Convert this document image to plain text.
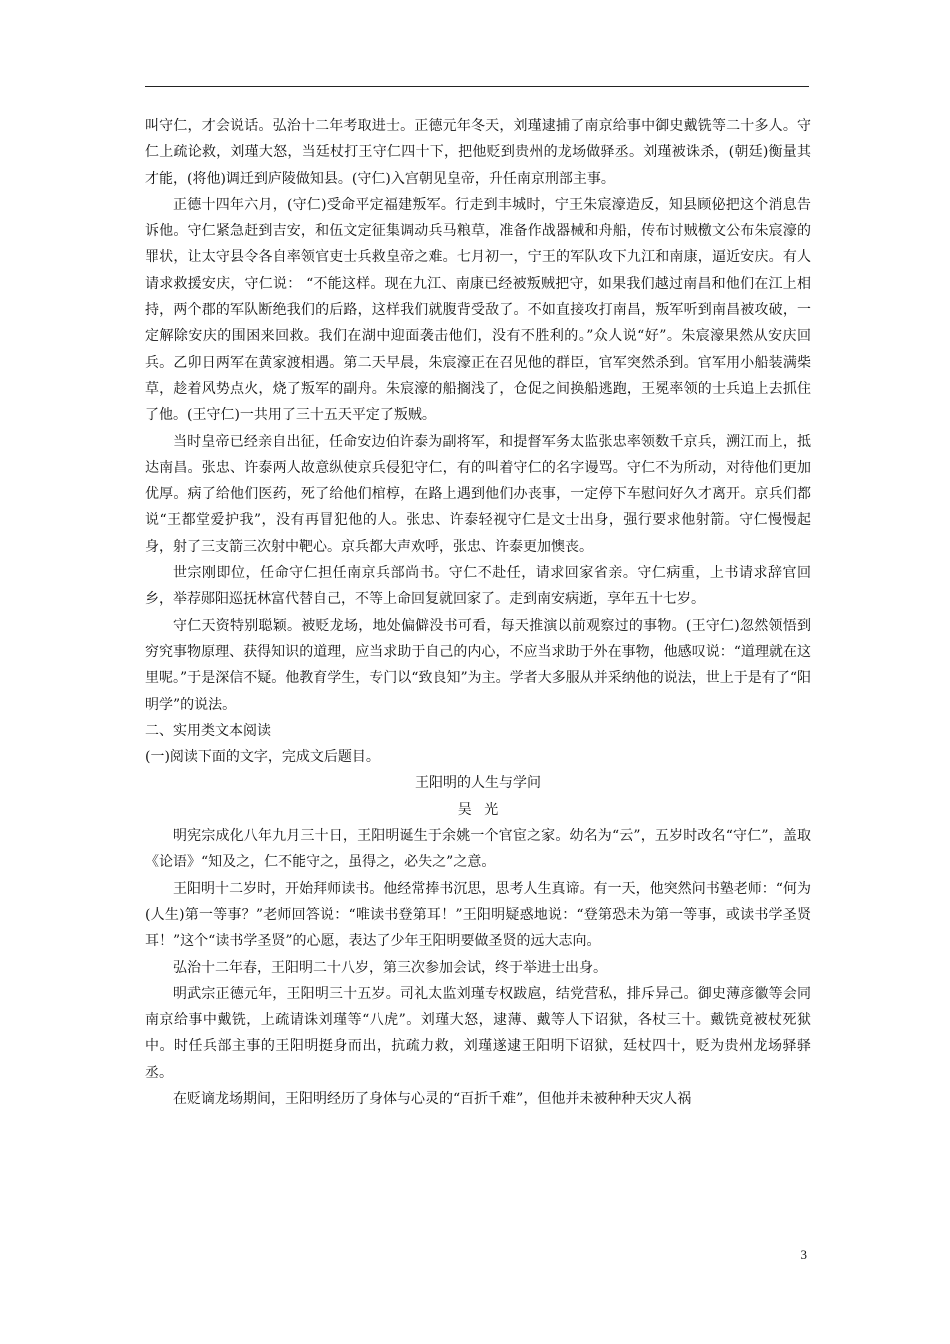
叫守仁，才会说话。弘治十二年考取进士。正德元年冬天，刘瑾逮捕了南京给事中御史戴铣等二十多人。守仁上疏论救，刘瑾大怒，当廷杖打王守仁四十下，把他贬到贵州的龙场做驿丞。刘瑾被诛杀，(朝廷)衡量其才能，(将他)调迁到庐陵做知县。(守仁)入宫朝见皇帝，升任南京刑部主事。

正德十四年六月，(守仁)受命平定福建叛军。行走到丰城时，宁王朱宸濠造反，知县顾佖把这个消息告诉他。守仁紧急赶到吉安，和伍文定征集调动兵马粮草，准备作战器械和舟船，传布讨贼檄文公布朱宸濠的罪状，让太守县令各自率领官吏士兵救皇帝之难。七月初一，宁王的军队攻下九江和南康，逼近安庆。有人请求救援安庆，守仁说： “不能这样。现在九江、南康已经被叛贼把守，如果我们越过南昌和他们在江上相持，两个郡的军队断绝我们的后路，这样我们就腹背受敌了。不如直接攻打南昌，叛军听到南昌被攻破，一定解除安庆的围困来回救。我们在湖中迎面袭击他们，没有不胜利的。”众人说“好”。朱宸濠果然从安庆回兵。乙卯日两军在黄家渡相遇。第二天早晨，朱宸濠正在召见他的群臣，官军突然杀到。官军用小船装满柴草，趁着风势点火，烧了叛军的副舟。朱宸濠的船搁浅了，仓促之间换船逃跑，王冕率领的士兵追上去抓住了他。(王守仁)一共用了三十五天平定了叛贼。

当时皇帝已经亲自出征，任命安边伯许泰为副将军，和提督军务太监张忠率领数千京兵，溯江而上，抵达南昌。张忠、许泰两人故意纵使京兵侵犯守仁，有的叫着守仁的名字谩骂。守仁不为所动，对待他们更加优厚。病了给他们医药，死了给他们棺椁，在路上遇到他们办丧事，一定停下车慰问好久才离开。京兵们都说“王都堂爱护我”，没有再冒犯他的人。张忠、许泰轻视守仁是文士出身，强行要求他射箭。守仁慢慢起身，射了三支箭三次射中靶心。京兵都大声欢呼，张忠、许泰更加懊丧。

世宗刚即位，任命守仁担任南京兵部尚书。守仁不赴任，请求回家省亲。守仁病重，上书请求辞官回乡，举荐郧阳巡抚林富代替自己，不等上命回复就回家了。走到南安病逝，享年五十七岁。

守仁天资特别聪颖。被贬龙场，地处偏僻没书可看，每天推演以前观察过的事物。(王守仁)忽然领悟到穷究事物原理、获得知识的道理，应当求助于自己的内心，不应当求助于外在事物，他感叹说：“道理就在这里呢。”于是深信不疑。他教育学生，专门以“致良知”为主。学者大多服从并采纳他的说法，世上于是有了“阳明学”的说法。

二、实用类文本阅读

(一)阅读下面的文字，完成文后题目。

王阳明的人生与学问

吴光

明宪宗成化八年九月三十日，王阳明诞生于余姚一个官宦之家。幼名为“云”，五岁时改名“守仁”，盖取《论语》“知及之，仁不能守之，虽得之，必失之”之意。

王阳明十二岁时，开始拜师读书。他经常捧书沉思，思考人生真谛。有一天，他突然问书塾老师：“何为(人生)第一等事？”老师回答说：“唯读书登第耳！”王阳明疑惑地说：“登第恐未为第一等事，或读书学圣贤耳！”这个“读书学圣贤”的心愿，表达了少年王阳明要做圣贤的远大志向。

弘治十二年春，王阳明二十八岁，第三次参加会试，终于举进士出身。

明武宗正德元年，王阳明三十五岁。司礼太监刘瑾专权跋扈，结党营私，排斥异己。御史薄彦徽等会同南京给事中戴铣，上疏请诛刘瑾等“八虎”。刘瑾大怒，逮薄、戴等人下诏狱，各杖三十。戴铣竟被杖死狱中。时任兵部主事的王阳明挺身而出，抗疏力救，刘瑾遂逮王阳明下诏狱，廷杖四十，贬为贵州龙场驿驿丞。

在贬谪龙场期间，王阳明经历了身体与心灵的“百折千难”，但他并未被种种天灾人祸

3
